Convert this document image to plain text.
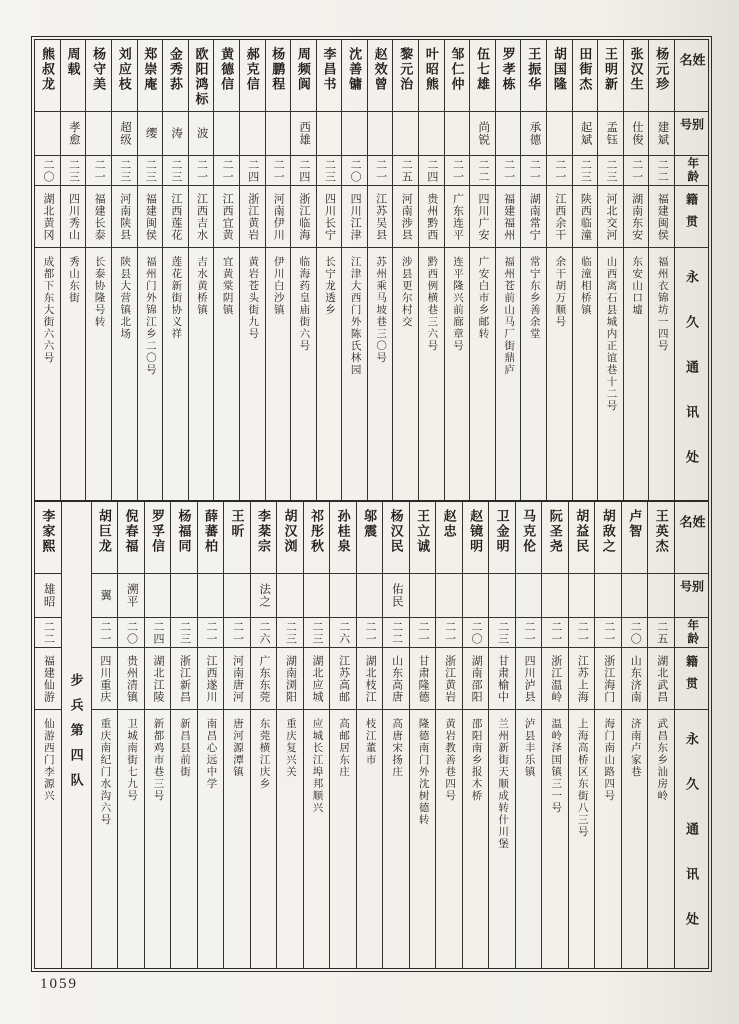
姓名
别号
年龄
籍贯
永久通讯处
杨元珍
建斌
二二
福建闽侯
福州衣锦坊一四号
张汉生
仕俊
二一
湖南东安
东安山口墟
王明新
孟钰
二三
河北交河
山西离石县城内正谊巷十二号
田街杰
起斌
二三
陕西临潼
临潼相桥镇
胡国隆
二一
江西余干
余干胡万顺号
王振华
承德
二一
湖南常宁
常宁东乡善余堂
罗孝栋
二一
福建福州
福州苍前山马厂街鼎庐
伍七雄
尚锐
二二
四川广安
广安白市乡邮转
邹仁仲
二一
广东连平
连平隆兴前廊章号
叶昭熊
二四
贵州黔西
黔西例横巷三六号
黎元治
二五
河南涉县
涉县更尔村交
赵效曾
二一
江苏吴县
苏州乘马坡巷三〇号
沈善镛
二〇
四川江津
江津大西门外陈氏林园
李昌书
二三
四川长宁
长宁龙透乡
周频阆
西雄
二四
浙江临海
临海药皇庙街六号
杨鹏程
二一
河南伊川
伊川白沙镇
郝克信
二四
浙江黄岩
黄岩苍头街九号
黄德信
二一
江西宜黄
宜黄棠阴镇
欧阳鸿标
波
二一
江西吉水
吉水黄桥镇
金秀荪
涛
二三
江西莲花
莲花新街协义祥
郑崇庵
缨
二三
福建闽侯
福州门外锦江乡二〇号
刘应枝
超级
二三
河南陕县
陕县大营镇北场
杨守美
二一
福建长泰
长泰协隆号转
周载
孝愈
二三
四川秀山
秀山东街
熊叔龙
二〇
湖北黄冈
成都下东大街六六号
姓名
别号
年龄
籍贯
永久通讯处
王英杰
二五
湖北武昌
武昌东乡汕房岭
卢智
二〇
山东济南
济南卢家巷
胡敌之
二一
浙江海门
海门南山路四号
胡益民
二一
江苏上海
上海高桥区东街八三号
阮圣尧
二一
浙江温岭
温岭泽国镇三一号
马克伦
二一
四川泸县
泸县丰乐镇
卫金明
二三
甘肃榆中
兰州新街天顺成转什川堡
赵镜明
二〇
湖南邵阳
邵阳南乡报木桥
赵忠
二一
浙江黄岩
黄岩教善巷四号
王立诚
二一
甘肃隆德
隆德南门外沈树德转
杨汉民
佑民
二二
山东高唐
高唐宋扬庄
邬震
二一
湖北枝江
枝江董市
孙桂泉
二六
江苏高邮
高邮居东庄
祁彤秋
二三
湖北应城
应城长江埠邦顺兴
胡汉浏
二三
湖南浏阳
重庆复兴关
李棻宗
法之
二六
广东东莞
东莞横江庆乡
王昕
二一
河南唐河
唐河源潭镇
薛蕃柏
二一
江西遂川
南昌心远中学
杨福同
二三
浙江新昌
新昌县前街
罗孚信
二四
湖北江陵
新都鸡市巷三号
倪春福
溯平
二〇
贵州清镇
卫城南街七九号
胡巨龙
翼
二一
四川重庆
重庆南纪门水沟六号
步兵第四队
李家熙
雄昭
二二
福建仙游
仙游西门李源兴
1059
